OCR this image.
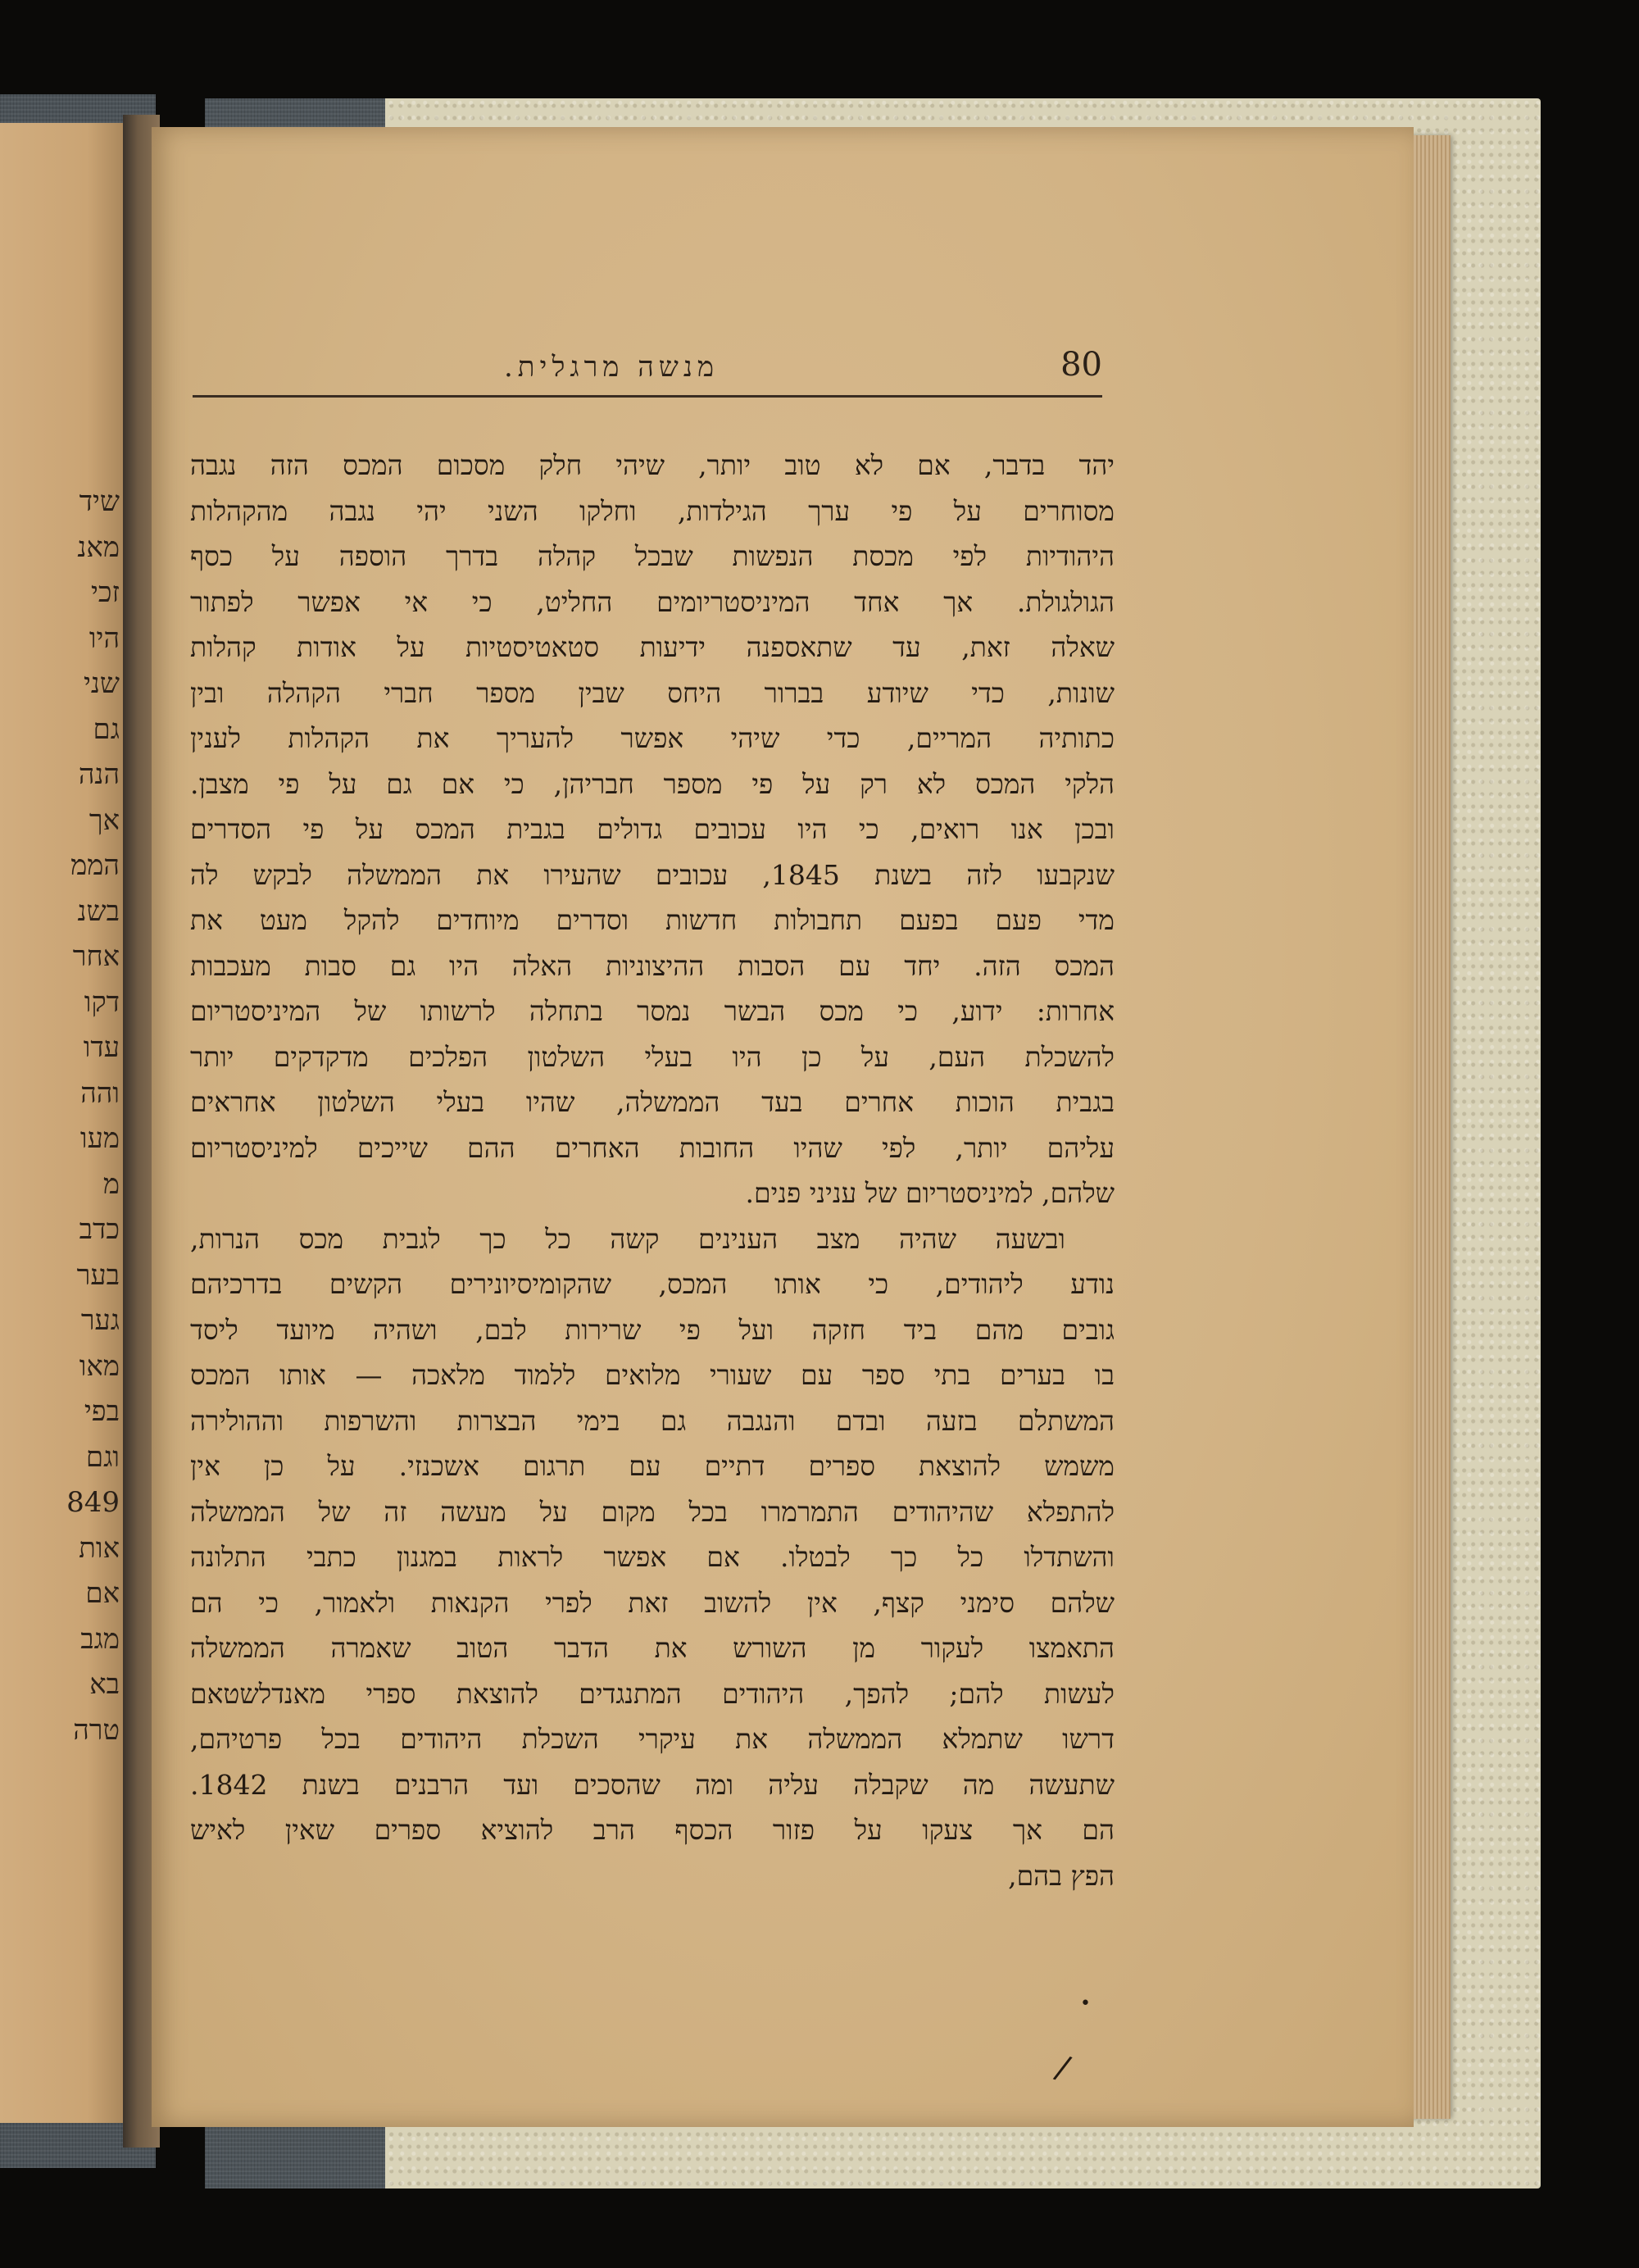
שיד
מאנ
זכי
היו
שני
גם
הנה
אך
הממ
בשנ
אחר
דקו
עדו
והה
מעו
מ
כדב
בער
גער
מאו
בפי
וגם
849
אות
אם
מגב
בא
טרה
מנשה מרגלית.	80
יהד בדבר, אם לא טוב יותר, שיהי חלק מסכום המכס הזה נגבה
מסוחרים על פי ערך הגילדות, וחלקו השני יהי נגבה מהקהלות
היהודיות לפי מכסת הנפשות שבכל קהלה בדרך הוספה על כסף
הגולגולת. אך אחד המיניסטריומים החליט, כי אי אפשר לפתור
שאלה זאת, עד שתאספנה ידיעות סטאטיסטיות על אודות קהלות
שונות, כדי שיודע בברור היחס שבין מספר חברי הקהלה ובין
כתותיה המריים, כדי שיהי אפשר להעריך את הקהלות לענין
הלקי המכס לא רק על פי מספר חבריהן, כי אם גם על פי מצבן.
ובכן אנו רואים, כי היו עכובים גדולים בגבית המכס על פי הסדרים
שנקבעו לזה בשנת 1845, עכובים שהעירו את הממשלה לבקש לה
מדי פעם בפעם תחבולות חדשות וסדרים מיוחדים להקל מעט את
המכס הזה. יחד עם הסבות ההיצוניות האלה היו גם סבות מעכבות
אחרות: ידוע, כי מכס הבשר נמסר בתחלה לרשותו של המיניסטריום
להשכלת העם, על כן היו בעלי השלטון הפלכים מדקדקים יותר
בגבית הוכות אחרים בעד הממשלה, שהיו בעלי השלטון אחראים
עליהם יותר, לפי שהיו החובות האחרים ההם שייכים למיניסטריום
שלהם, למיניסטריום של עניני פנים.
ובשעה שהיה מצב הענינים קשה כל כך לגבית מכס הנרות,
נודע ליהודים, כי אותו המכס, שהקומיסיונירים הקשים בדרכיהם
גובים מהם ביד חזקה ועל פי שרירות לבם, ושהיה מיועד ליסד
בו בערים בתי ספר עם שעורי מלואים ללמוד מלאכה — אותו המכס
המשתלם בזעה ובדם והנגבה גם בימי הבצרות והשרפות וההולירה
משמש להוצאת ספרים דתיים עם תרגום אשכנזי. על כן אין
להתפלא שהיהודים התמרמרו בכל מקום על מעשה זה של הממשלה
והשתדלו כל כך לבטלו. אם אפשר לראות במגנון כתבי התלונה
שלהם סימני קצף, אין להשוב זאת לפרי הקנאות ולאמור, כי הם
התאמצו לעקור מן השורש את הדבר הטוב שאמרה הממשלה
לעשות להם; להפך, היהודים המתנגדים להוצאת ספרי מאנדלשטאם
דרשו שתמלא הממשלה את עיקרי השכלת היהודים בכל פרטיהם,
שתעשה מה שקבלה עליה ומה שהסכים ועד הרבנים בשנת 1842.
הם אך צעקו על פזור הכסף הרב להוציא ספרים שאין לאיש
הפץ בהם,
•
/
